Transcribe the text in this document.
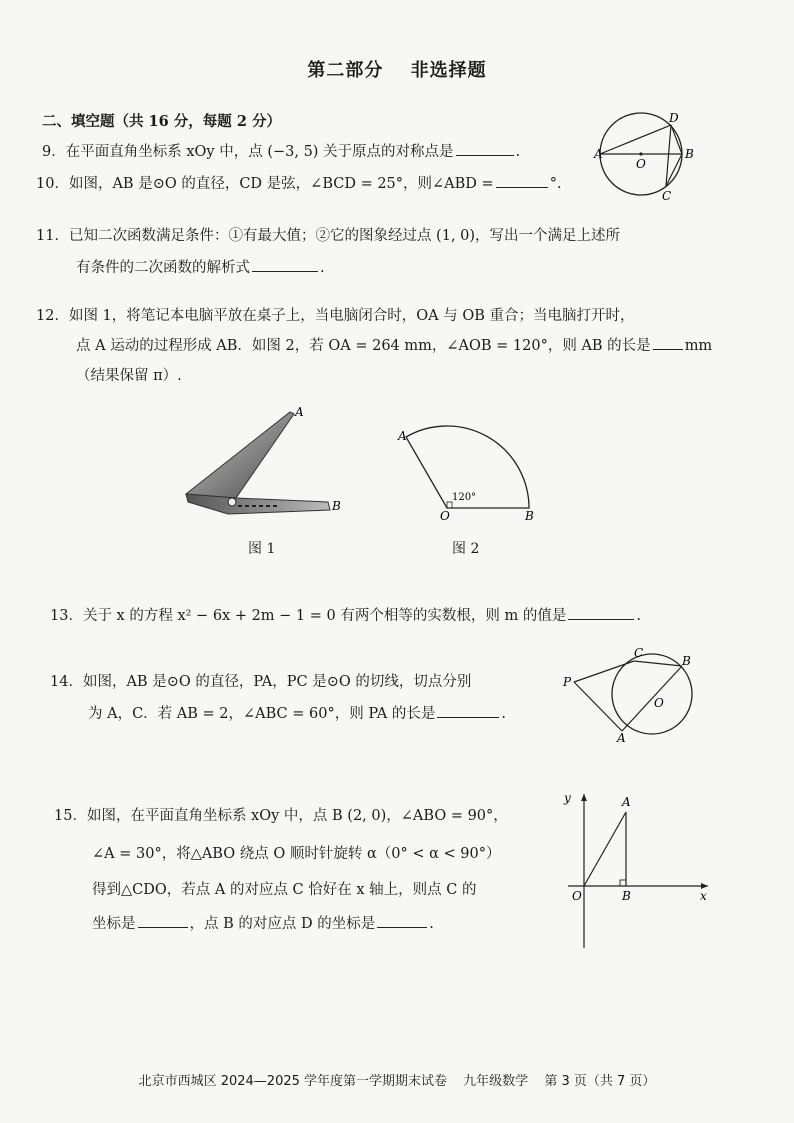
第二部分 非选择题
二、填空题（共 16 分，每题 2 分）
9．在平面直角坐标系 xOy 中，点 (−3, 5) 关于原点的对称点是	.
10．如图，AB 是⊙O 的直径，CD 是弦，∠BCD = 25°，则∠ABD =	°.
A
O
B
D
C
11．已知二次函数满足条件：①有最大值；②它的图象经过点 (1, 0)，写出一个满足上述所
有条件的二次函数的解析式	.
12．如图 1，将笔记本电脑平放在桌子上，当电脑闭合时，OA 与 OB 重合；当电脑打开时，
点 A 运动的过程形成 AB．如图 2，若 OA = 264 mm，∠AOB = 120°，则 AB 的长是 mm
（结果保留 π）.
A
B
图 1
A
O	B
120°
图 2
13．关于 x 的方程 x² − 6x + 2m − 1 = 0 有两个相等的实数根，则 m 的值是	.
14．如图，AB 是⊙O 的直径，PA，PC 是⊙O 的切线，切点分别
为 A，C．若 AB = 2，∠ABC = 60°，则 PA 的长是	.
P
C
B
O
A
15．如图，在平面直角坐标系 xOy 中，点 B (2, 0)，∠ABO = 90°，
∠A = 30°，将△ABO 绕点 O 顺时针旋转 α（0° < α < 90°）
得到△CDO，若点 A 的对应点 C 恰好在 x 轴上，则点 C 的
坐标是	，点 B 的对应点 D 的坐标是	.
y
x
O	B
A
北京市西城区 2024—2025 学年度第一学期期末试卷 九年级数学 第 3 页（共 7 页）
